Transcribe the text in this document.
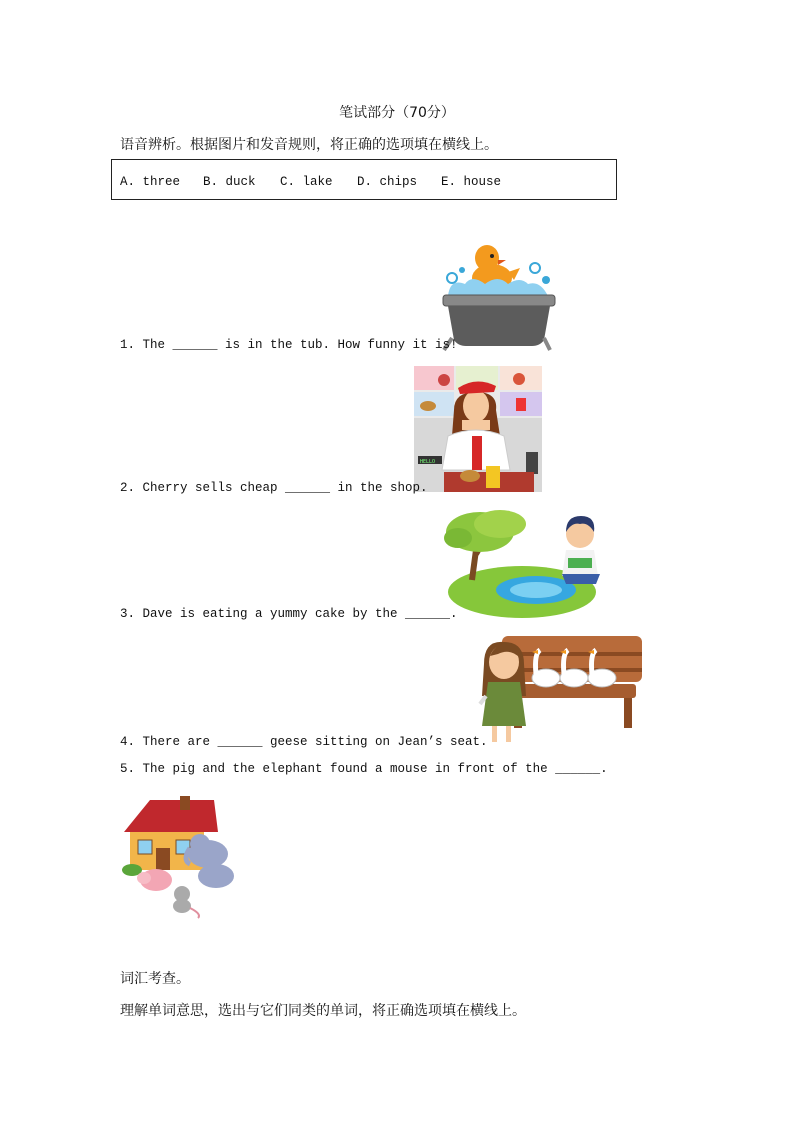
笔试部分（70分）
语音辨析。根据图片和发音规则，将正确的选项填在横线上。
A. three B. duck C. lake D. chips E. house
1. The ______ is in the tub. How funny it is!
HELLO
2. Cherry sells cheap ______ in the shop.
3. Dave is eating a yummy cake by the ______.
4. There are ______ geese sitting on Jean’s seat.
5. The pig and the elephant found a mouse in front of the ______.
词汇考查。
理解单词意思，选出与它们同类的单词，将正确选项填在横线上。
